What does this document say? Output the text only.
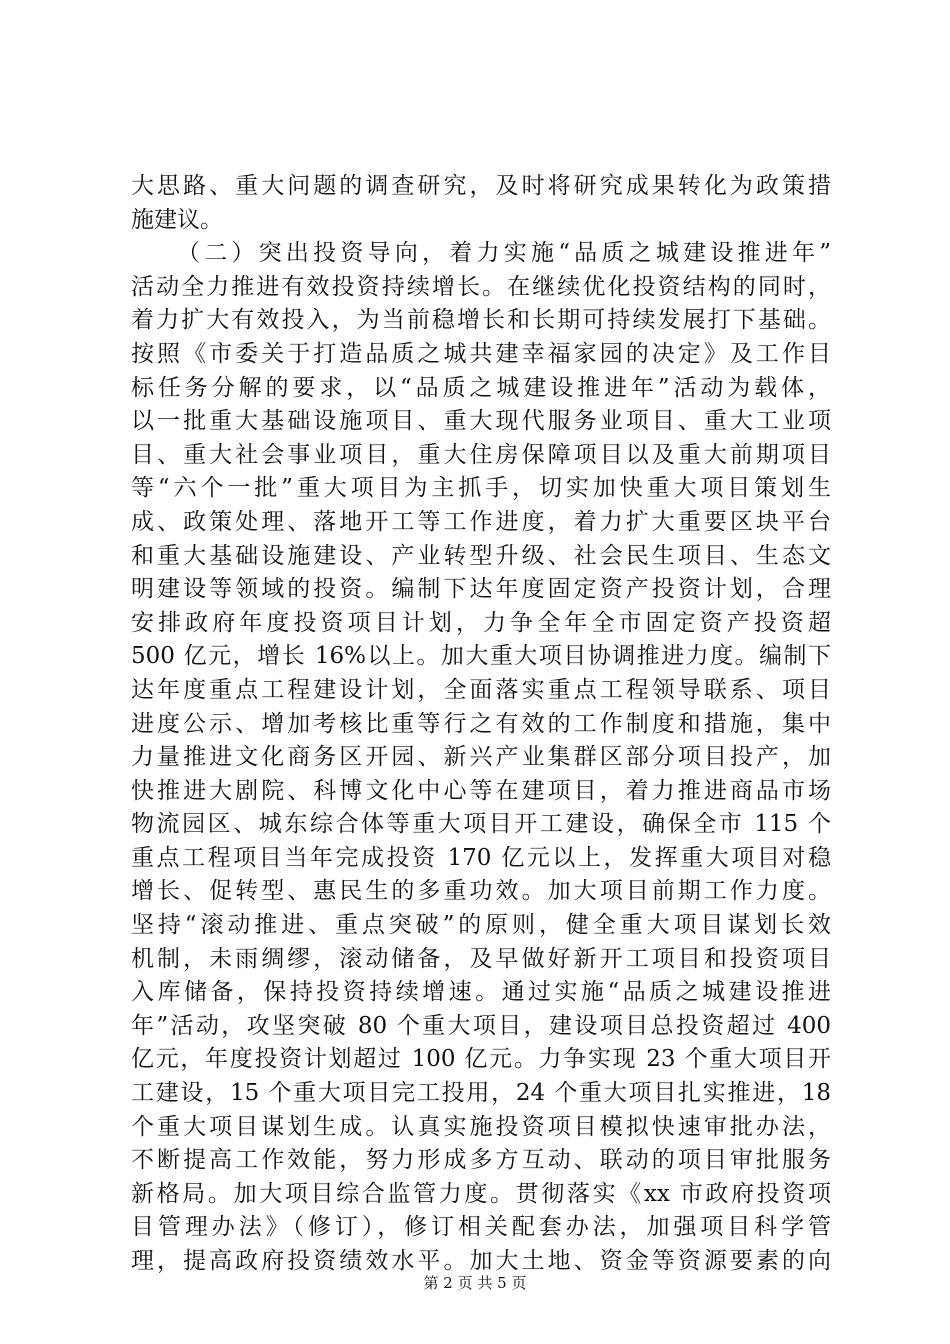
大思路、重大问题的调查研究，及时将研究成果转化为政策措
施建议。
（二）突出投资导向，着力实施“品质之城建设推进年”
活动全力推进有效投资持续增长。在继续优化投资结构的同时，
着力扩大有效投入，为当前稳增长和长期可持续发展打下基础。
按照《市委关于打造品质之城共建幸福家园的决定》及工作目
标任务分解的要求，以“品质之城建设推进年”活动为载体，
以一批重大基础设施项目、重大现代服务业项目、重大工业项
目、重大社会事业项目，重大住房保障项目以及重大前期项目
等“六个一批”重大项目为主抓手，切实加快重大项目策划生
成、政策处理、落地开工等工作进度，着力扩大重要区块平台
和重大基础设施建设、产业转型升级、社会民生项目、生态文
明建设等领域的投资。编制下达年度固定资产投资计划，合理
安排政府年度投资项目计划，力争全年全市固定资产投资超
500 亿元，增长 16%以上。加大重大项目协调推进力度。编制下
达年度重点工程建设计划，全面落实重点工程领导联系、项目
进度公示、增加考核比重等行之有效的工作制度和措施，集中
力量推进文化商务区开园、新兴产业集群区部分项目投产，加
快推进大剧院、科博文化中心等在建项目，着力推进商品市场
物流园区、城东综合体等重大项目开工建设，确保全市 115 个
重点工程项目当年完成投资 170 亿元以上，发挥重大项目对稳
增长、促转型、惠民生的多重功效。加大项目前期工作力度。
坚持“滚动推进、重点突破”的原则，健全重大项目谋划长效
机制，未雨绸缪，滚动储备，及早做好新开工项目和投资项目
入库储备，保持投资持续增速。通过实施“品质之城建设推进
年”活动，攻坚突破 80 个重大项目，建设项目总投资超过 400
亿元，年度投资计划超过 100 亿元。力争实现 23 个重大项目开
工建设，15 个重大项目完工投用，24 个重大项目扎实推进，18
个重大项目谋划生成。认真实施投资项目模拟快速审批办法，
不断提高工作效能，努力形成多方互动、联动的项目审批服务
新格局。加大项目综合监管力度。贯彻落实《xx 市政府投资项
目管理办法》（修订），修订相关配套办法，加强项目科学管
理，提高政府投资绩效水平。加大土地、资金等资源要素的向
第 2 页 共 5 页
